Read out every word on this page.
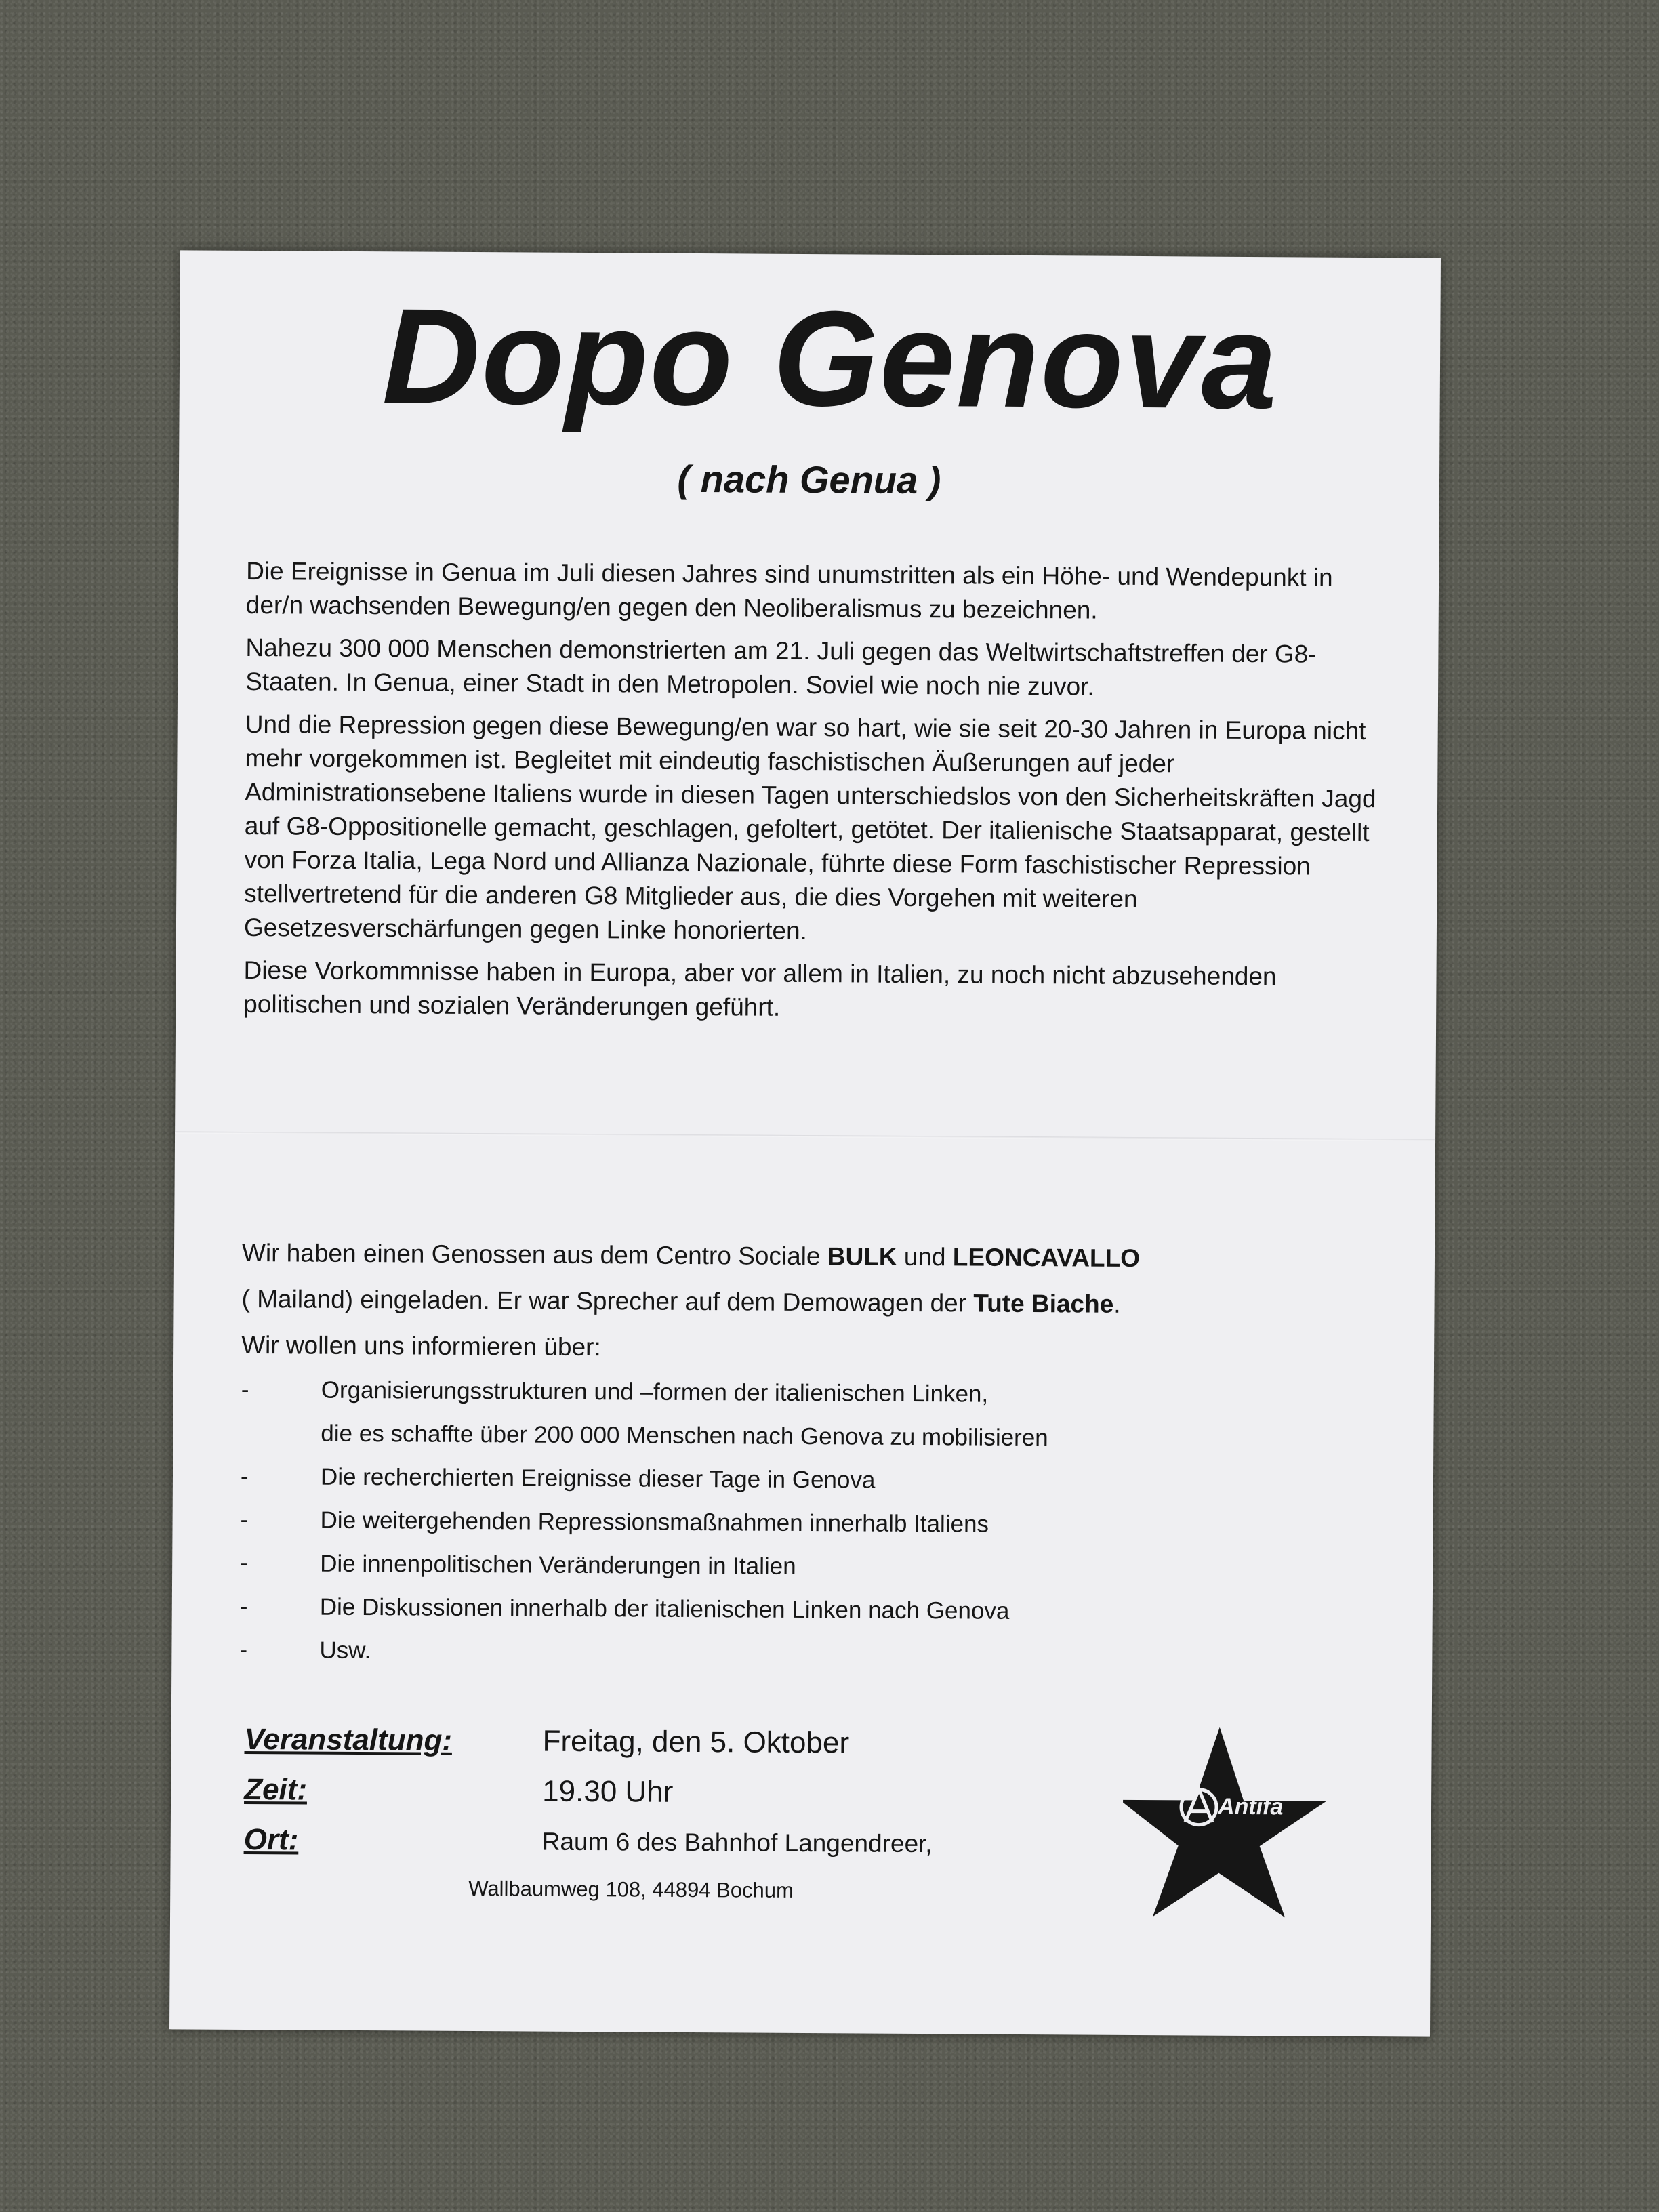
Dopo Genova
( nach Genua )

Die Ereignisse in Genua im Juli diesen Jahres sind unumstritten als ein Höhe- und Wendepunkt in der/n wachsenden Bewegung/en gegen den Neoliberalismus zu bezeichnen.

Nahezu 300 000 Menschen demonstrierten am 21. Juli gegen das Weltwirtschaftstreffen der G8-Staaten. In Genua, einer Stadt in den Metropolen. Soviel wie noch nie zuvor.

Und die Repression gegen diese Bewegung/en war so hart, wie sie seit 20-30 Jahren in Europa nicht mehr vorgekommen ist. Begleitet mit eindeutig faschistischen Äußerungen auf jeder Administrationsebene Italiens wurde in diesen Tagen unterschiedslos von den Sicherheitskräften Jagd auf G8-Oppositionelle gemacht, geschlagen, gefoltert, getötet. Der italienische Staatsapparat, gestellt von Forza Italia, Lega Nord und Allianza Nazionale, führte diese Form faschistischer Repression stellvertretend für die anderen G8 Mitglieder aus, die dies Vorgehen mit weiteren Gesetzesverschärfungen gegen Linke honorierten.

Diese Vorkommnisse haben in Europa, aber vor allem in Italien, zu noch nicht abzusehenden politischen und sozialen Veränderungen geführt.

Wir haben einen Genossen aus dem Centro Sociale BULK und LEONCAVALLO
( Mailand) eingeladen. Er war Sprecher auf dem Demowagen der Tute Biache.
Wir wollen uns informieren über:
-	Organisierungsstrukturen und –formen der italienischen Linken,
die es schaffte über 200 000 Menschen nach Genova zu mobilisieren
-	Die recherchierten Ereignisse dieser Tage in Genova
-	Die weitergehenden Repressionsmaßnahmen innerhalb Italiens
-	Die innenpolitischen Veränderungen in Italien
-	Die Diskussionen innerhalb der italienischen Linken nach Genova
-	Usw.
Veranstaltung:	Freitag, den 5. Oktober
Zeit:	19.30 Uhr
Ort:	Raum 6 des Bahnhof Langendreer,
Wallbaumweg 108, 44894 Bochum
Antifa
